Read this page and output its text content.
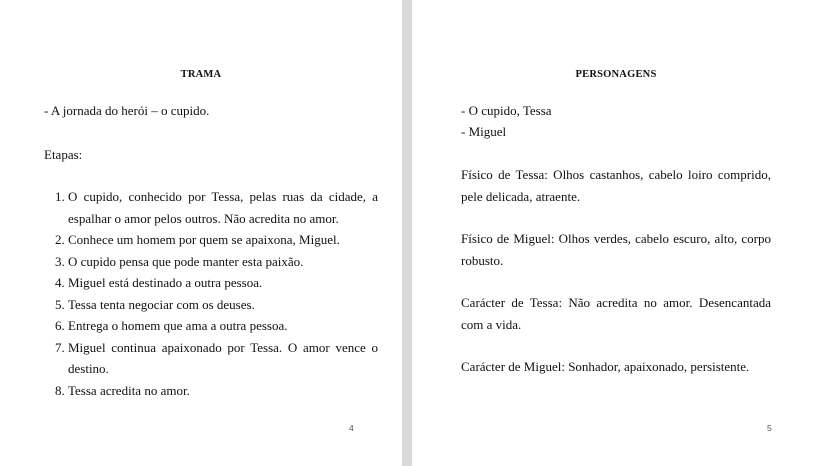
TRAMA

- A jornada do herói – o cupido.

Etapas:

1. O cupido, conhecido por Tessa, pelas ruas da cidade, a espalhar o amor pelos outros. Não acredita no amor.
2. Conhece um homem por quem se apaixona, Miguel.
3. O cupido pensa que pode manter esta paixão.
4. Miguel está destinado a outra pessoa.
5. Tessa tenta negociar com os deuses.
6. Entrega o homem que ama a outra pessoa.
7. Miguel continua apaixonado por Tessa. O amor vence o destino.
8. Tessa acredita no amor.
4
PERSONAGENS

- O cupido, Tessa

- Miguel

Físico de Tessa: Olhos castanhos, cabelo loiro comprido, pele delicada, atraente.

Físico de Miguel: Olhos verdes, cabelo escuro, alto, corpo robusto.

Carácter de Tessa: Não acredita no amor. Desencantada com a vida.

Carácter de Miguel: Sonhador, apaixonado, persistente.

5
